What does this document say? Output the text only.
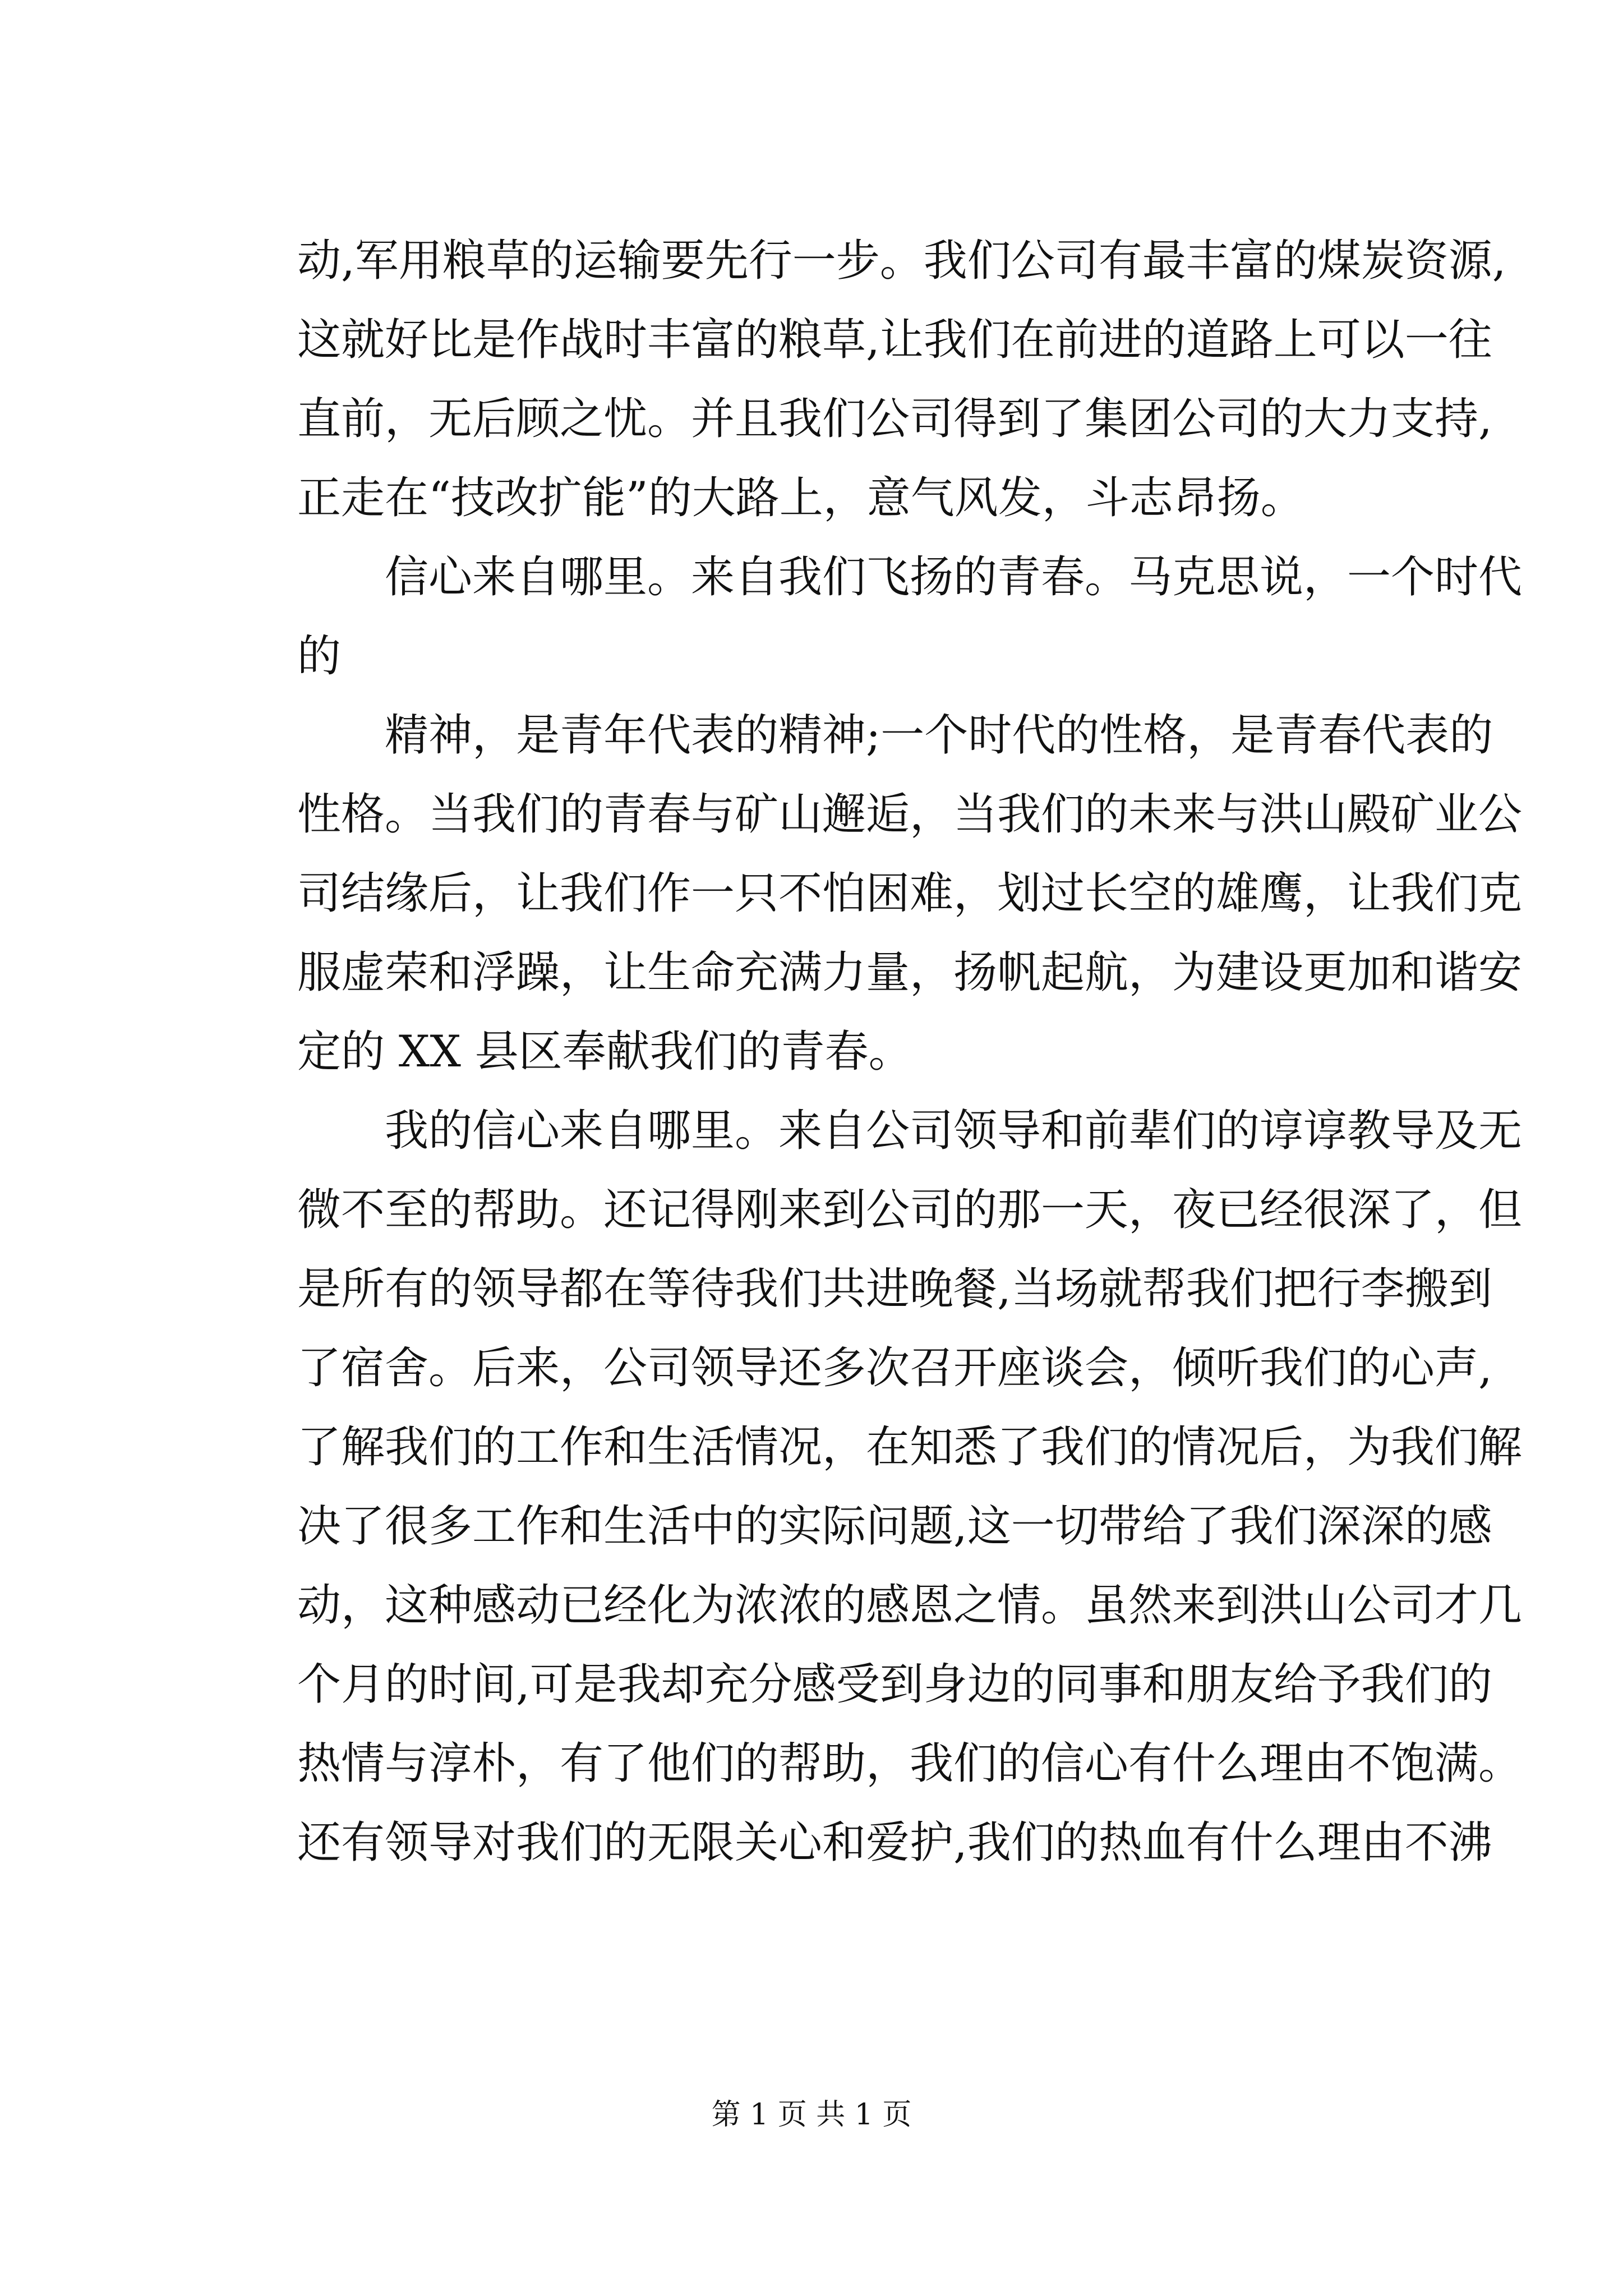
动,军用粮草的运输要先行一步。我们公司有最丰富的煤炭资源,
这就好比是作战时丰富的粮草,让我们在前进的道路上可以一往
直前，无后顾之忧。并且我们公司得到了集团公司的大力支持,
正走在“技改扩能”的大路上，意气风发，斗志昂扬。
信心来自哪里。来自我们飞扬的青春。马克思说，一个时代
的
精神，是青年代表的精神;一个时代的性格，是青春代表的
性格。当我们的青春与矿山邂逅，当我们的未来与洪山殿矿业公
司结缘后，让我们作一只不怕困难，划过长空的雄鹰，让我们克
服虚荣和浮躁，让生命充满力量，扬帆起航，为建设更加和谐安
定的 XX 县区奉献我们的青春。
我的信心来自哪里。来自公司领导和前辈们的谆谆教导及无
微不至的帮助。还记得刚来到公司的那一天，夜已经很深了，但
是所有的领导都在等待我们共进晚餐,当场就帮我们把行李搬到
了宿舍。后来，公司领导还多次召开座谈会，倾听我们的心声,
了解我们的工作和生活情况，在知悉了我们的情况后，为我们解
决了很多工作和生活中的实际问题,这一切带给了我们深深的感
动，这种感动已经化为浓浓的感恩之情。虽然来到洪山公司才几
个月的时间,可是我却充分感受到身边的同事和朋友给予我们的
热情与淳朴，有了他们的帮助，我们的信心有什么理由不饱满。
还有领导对我们的无限关心和爱护,我们的热血有什么理由不沸
第 1 页 共 1 页
